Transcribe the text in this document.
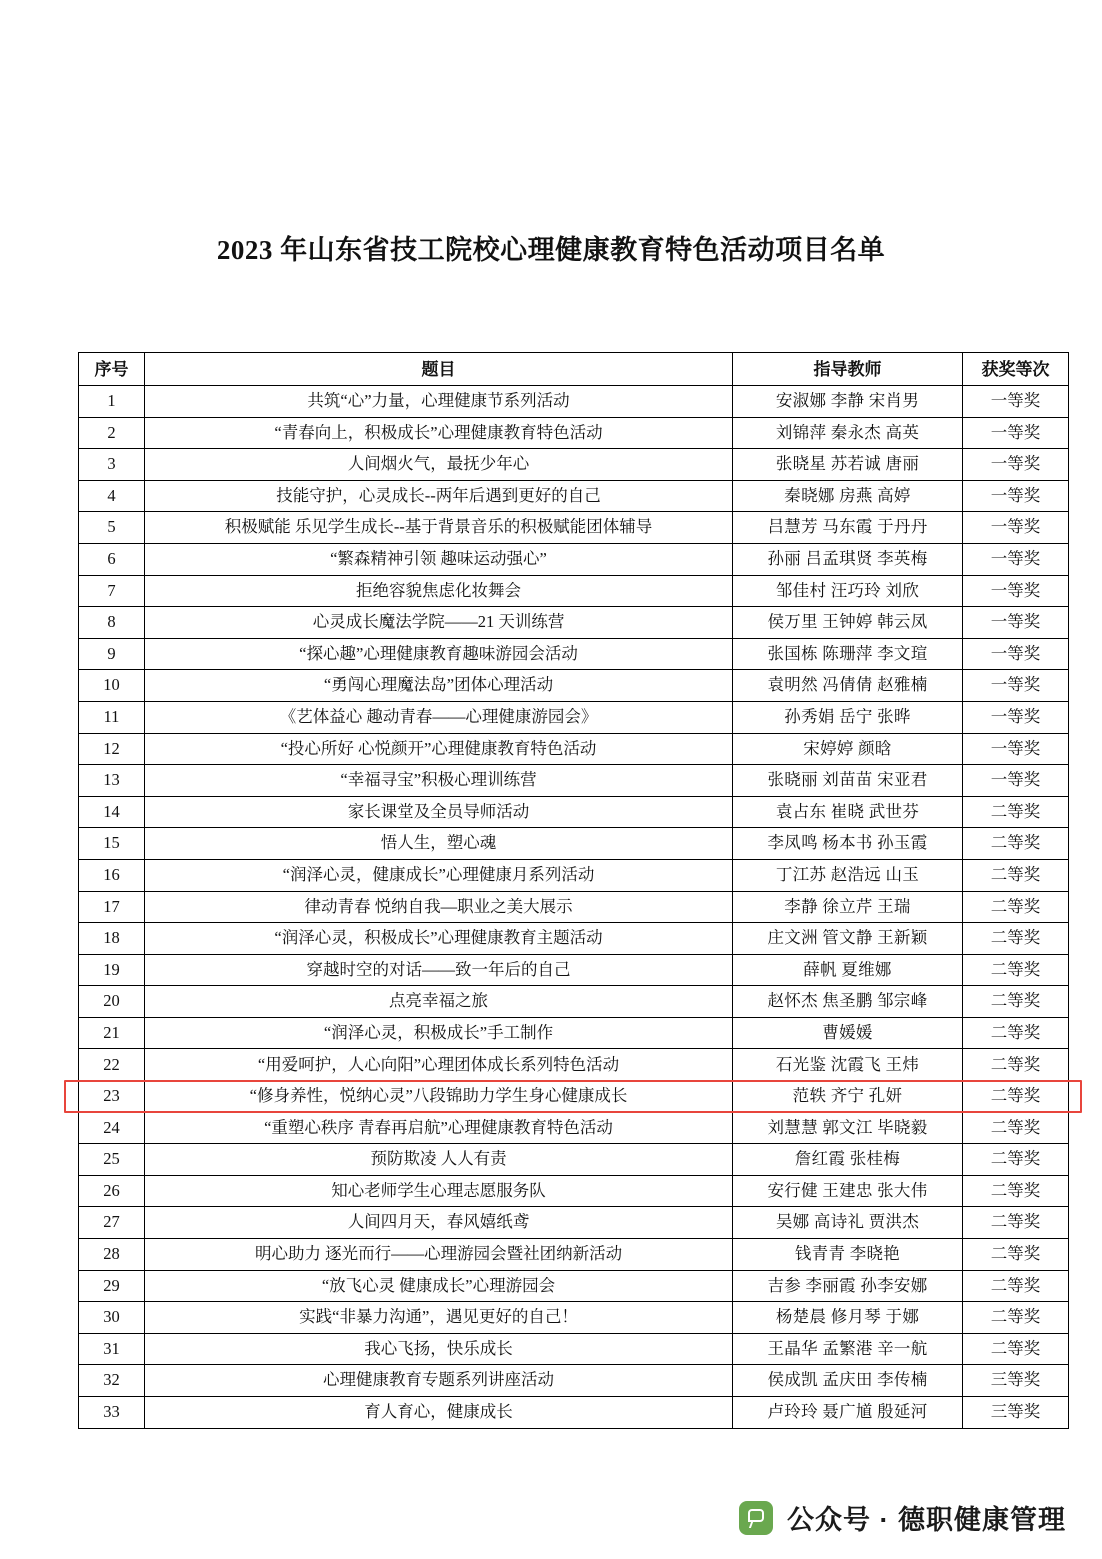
2023 年山东省技工院校心理健康教育特色活动项目名单
序号	题目	指导教师	获奖等次
1	共筑“心”力量，心理健康节系列活动	安淑娜 李静 宋肖男	一等奖
2	“青春向上，积极成长”心理健康教育特色活动	刘锦萍 秦永杰 高英	一等奖
3	人间烟火气，最抚少年心	张晓星 苏若诚 唐丽	一等奖
4	技能守护，心灵成长--两年后遇到更好的自己	秦晓娜 房燕 高婷	一等奖
5	积极赋能 乐见学生成长--基于背景音乐的积极赋能团体辅导	吕慧芳 马东霞 于丹丹	一等奖
6	“繁森精神引领 趣味运动强心”	孙丽 吕孟琪贤 李英梅	一等奖
7	拒绝容貌焦虑化妆舞会	邹佳村 汪巧玲 刘欣	一等奖
8	心灵成长魔法学院——21 天训练营	侯万里 王钟婷 韩云凤	一等奖
9	“探心趣”心理健康教育趣味游园会活动	张国栋 陈珊萍 李文瑄	一等奖
10	“勇闯心理魔法岛”团体心理活动	袁明然 冯倩倩 赵雅楠	一等奖
11	《艺体益心 趣动青春——心理健康游园会》	孙秀娟 岳宁 张晔	一等奖
12	“投心所好 心悦颜开”心理健康教育特色活动	宋婷婷 颜晗	一等奖
13	“幸福寻宝”积极心理训练营	张晓丽 刘苗苗 宋亚君	一等奖
14	家长课堂及全员导师活动	袁占东 崔晓 武世芬	二等奖
15	悟人生，塑心魂	李凤鸣 杨本书 孙玉霞	二等奖
16	“润泽心灵，健康成长”心理健康月系列活动	丁江苏 赵浩远 山玉	二等奖
17	律动青春 悦纳自我—职业之美大展示	李静 徐立芹 王瑞	二等奖
18	“润泽心灵，积极成长”心理健康教育主题活动	庄文洲 管文静 王新颖	二等奖
19	穿越时空的对话——致一年后的自己	薛帆 夏维娜	二等奖
20	点亮幸福之旅	赵怀杰 焦圣鹏 邹宗峰	二等奖
21	“润泽心灵，积极成长”手工制作	曹媛媛	二等奖
22	“用爱呵护，人心向阳”心理团体成长系列特色活动	石光鉴 沈霞飞 王炜	二等奖
23	“修身养性，悦纳心灵”八段锦助力学生身心健康成长	范轶 齐宁 孔妍	二等奖
24	“重塑心秩序 青春再启航”心理健康教育特色活动	刘慧慧 郭文江 毕晓毅	二等奖
25	预防欺凌 人人有责	詹红霞 张桂梅	二等奖
26	知心老师学生心理志愿服务队	安行健 王建忠 张大伟	二等奖
27	人间四月天，春风嬉纸鸢	吴娜 高诗礼 贾洪杰	二等奖
28	明心助力 逐光而行——心理游园会暨社团纳新活动	钱青青 李晓艳	二等奖
29	“放飞心灵 健康成长”心理游园会	吉参 李丽霞 孙李安娜	二等奖
30	实践“非暴力沟通”，遇见更好的自己！	杨楚晨 修月琴 于娜	二等奖
31	我心飞扬，快乐成长	王晶华 孟繁港 辛一航	二等奖
32	心理健康教育专题系列讲座活动	侯成凯 孟庆田 李传楠	三等奖
33	育人育心，健康成长	卢玲玲 聂广馗 殷延河	三等奖
公众号 · 德职健康管理
